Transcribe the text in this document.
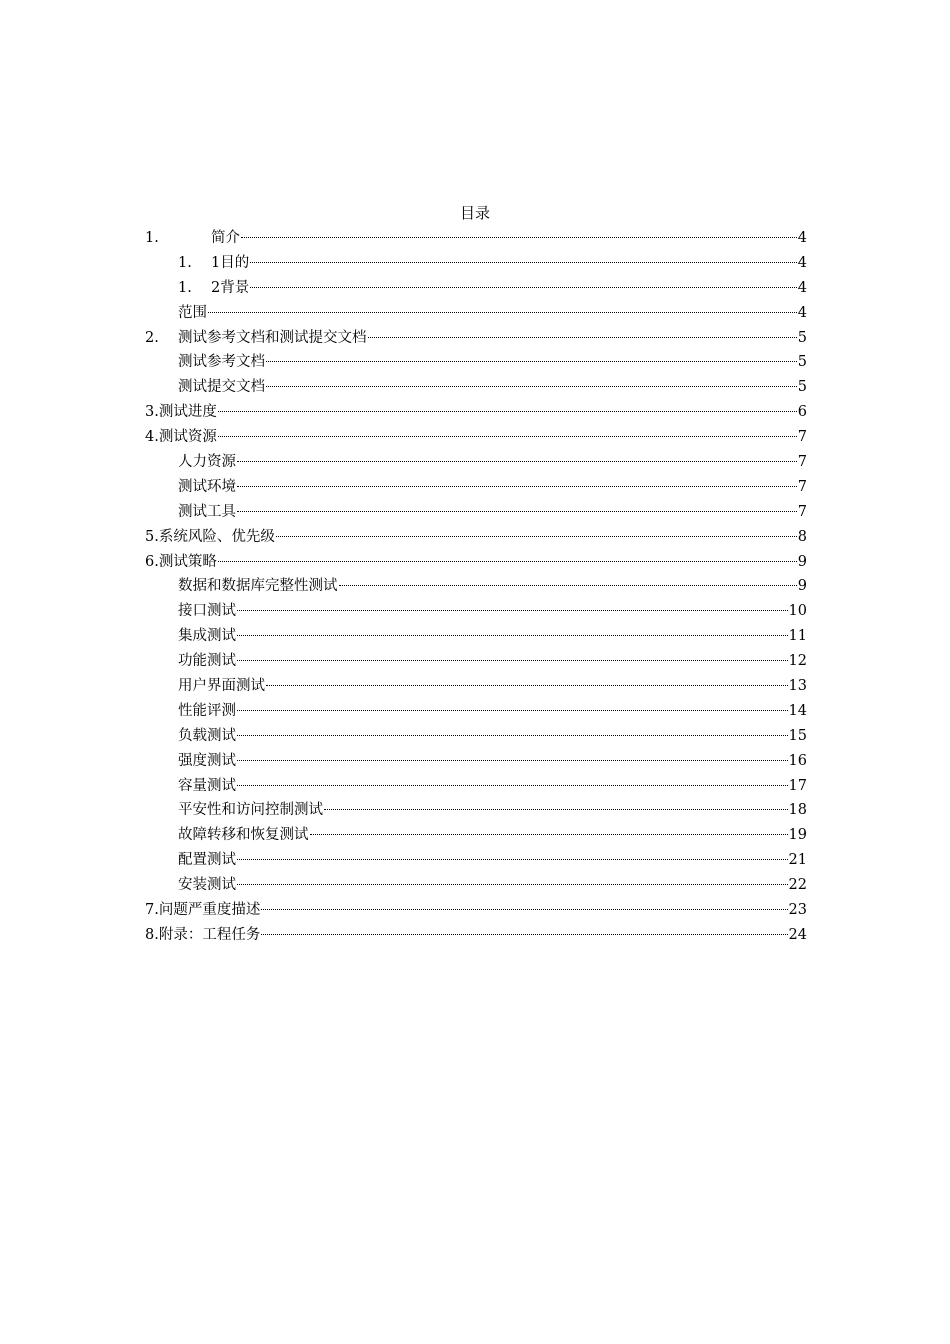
目录
1.	简介	4
1.	1目的	4
1.	2背景	4
范围	4
2.	测试参考文档和测试提交文档	5
测试参考文档	5
测试提交文档	5
3.测试进度	6
4.测试资源	7
人力资源	7
测试环境	7
测试工具	7
5.系统风险、优先级	8
6.测试策略	9
数据和数据库完整性测试	9
接口测试	10
集成测试	11
功能测试	12
用户界面测试	13
性能评测	14
负载测试	15
强度测试	16
容量测试	17
平安性和访问控制测试	18
故障转移和恢复测试	19
配置测试	21
安装测试	22
7.问题严重度描述	23
8.附录：工程任务	24
